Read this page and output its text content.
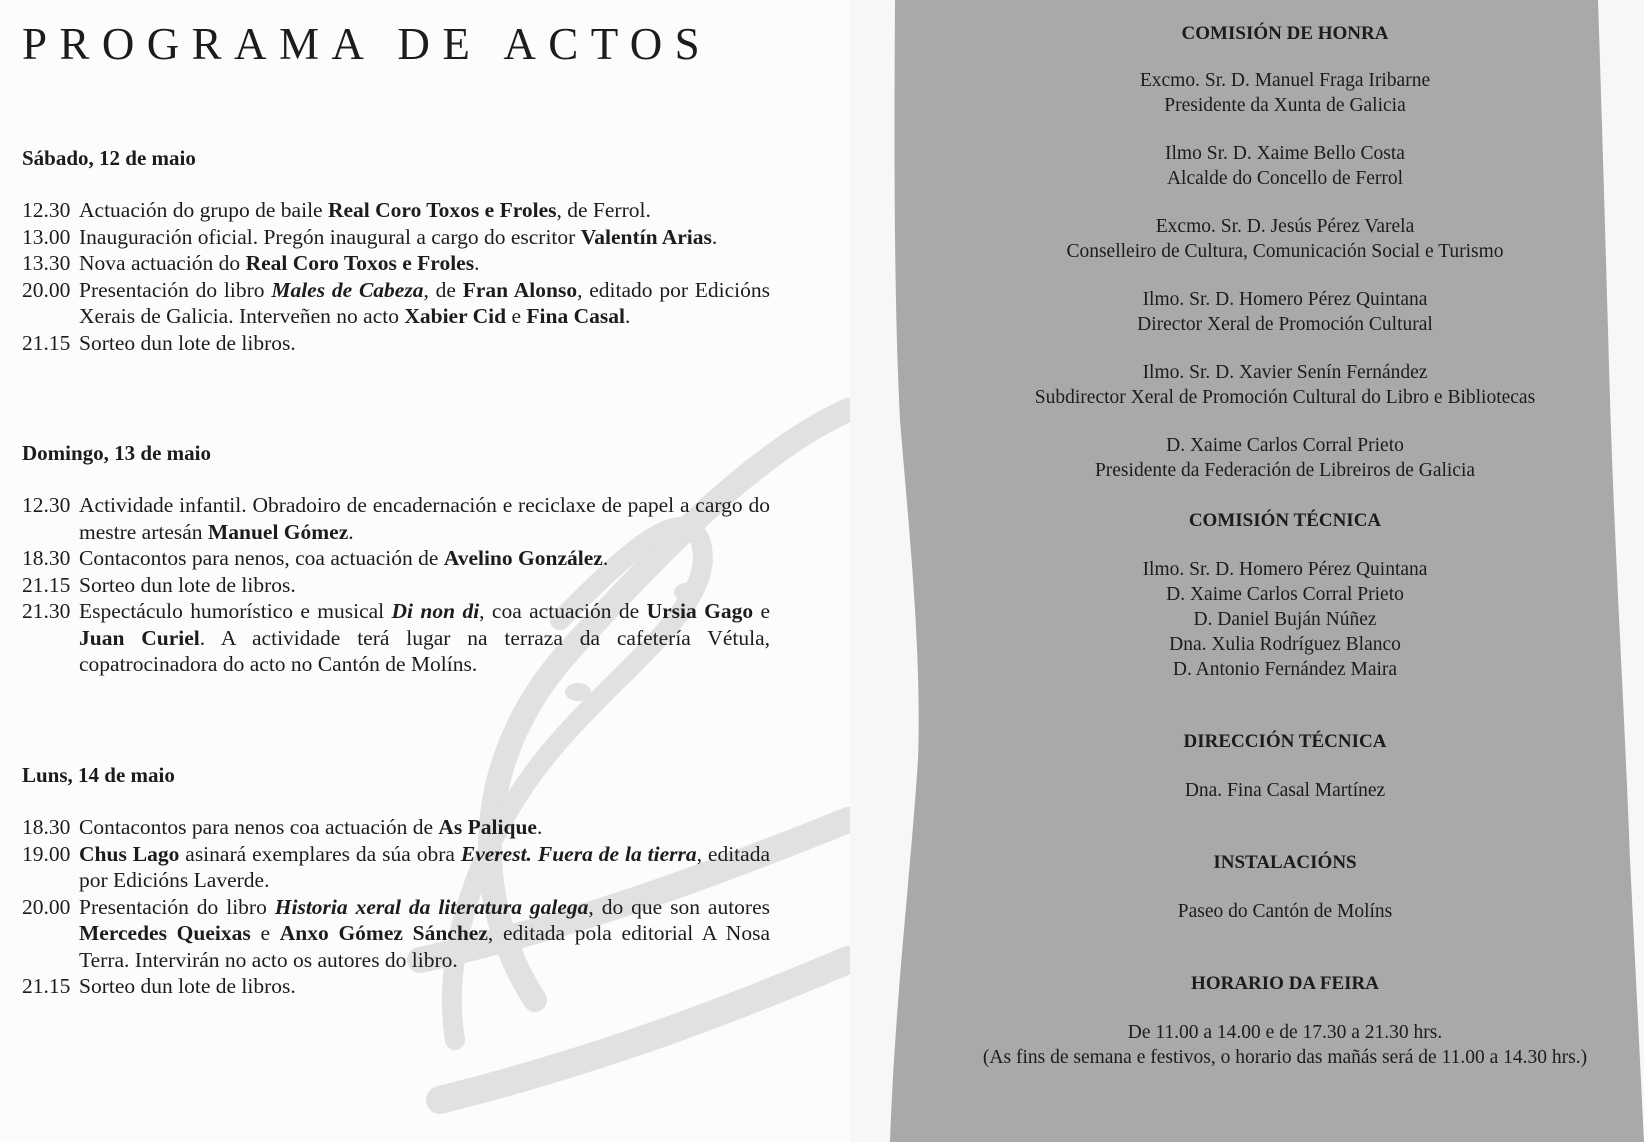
PROGRAMA DE ACTOS
Sábado, 12 de maio
12.30 Actuación do grupo de baile Real Coro Toxos e Froles, de Ferrol.
13.00 Inauguración oficial. Pregón inaugural a cargo do escritor Valentín Arias.
13.30 Nova actuación do Real Coro Toxos e Froles.
20.00 Presentación do libro Males de Cabeza, de Fran Alonso, editado por Edicións Xerais de Galicia. Interveñen no acto Xabier Cid e Fina Casal.
21.15 Sorteo dun lote de libros.
Domingo, 13 de maio
12.30 Actividade infantil. Obradoiro de encadernación e reciclaxe de papel a cargo do mestre artesán Manuel Gómez.
18.30 Contacontos para nenos, coa actuación de Avelino González.
21.15 Sorteo dun lote de libros.
21.30 Espectáculo humorístico e musical Di non di, coa actuación de Ursia Gago e Juan Curiel. A actividade terá lugar na terraza da cafetería Vétula, copatrocinadora do acto no Cantón de Molíns.
Luns, 14 de maio
18.30 Contacontos para nenos coa actuación de As Palique.
19.00 Chus Lago asinará exemplares da súa obra Everest. Fuera de la tierra, editada por Edicións Laverde.
20.00 Presentación do libro Historia xeral da literatura galega, do que son autores Mercedes Queixas e Anxo Gómez Sánchez, editada pola editorial A Nosa Terra. Intervirán no acto os autores do libro.
21.15 Sorteo dun lote de libros.
COMISIÓN DE HONRA

Excmo. Sr. D. Manuel Fraga Iribarne

Presidente da Xunta de Galicia

Ilmo Sr. D. Xaime Bello Costa

Alcalde do Concello de Ferrol

Excmo. Sr. D. Jesús Pérez Varela

Conselleiro de Cultura, Comunicación Social e Turismo

Ilmo. Sr. D. Homero Pérez Quintana

Director Xeral de Promoción Cultural

Ilmo. Sr. D. Xavier Senín Fernández

Subdirector Xeral de Promoción Cultural do Libro e Bibliotecas

D. Xaime Carlos Corral Prieto

Presidente da Federación de Libreiros de Galicia

COMISIÓN TÉCNICA

Ilmo. Sr. D. Homero Pérez Quintana

D. Xaime Carlos Corral Prieto

D. Daniel Buján Núñez

Dna. Xulia Rodríguez Blanco

D. Antonio Fernández Maira

DIRECCIÓN TÉCNICA

Dna. Fina Casal Martínez

INSTALACIÓNS

Paseo do Cantón de Molíns

HORARIO DA FEIRA

De 11.00 a 14.00 e de 17.30 a 21.30 hrs.

(As fins de semana e festivos, o horario das mañás será de 11.00 a 14.30 hrs.)
